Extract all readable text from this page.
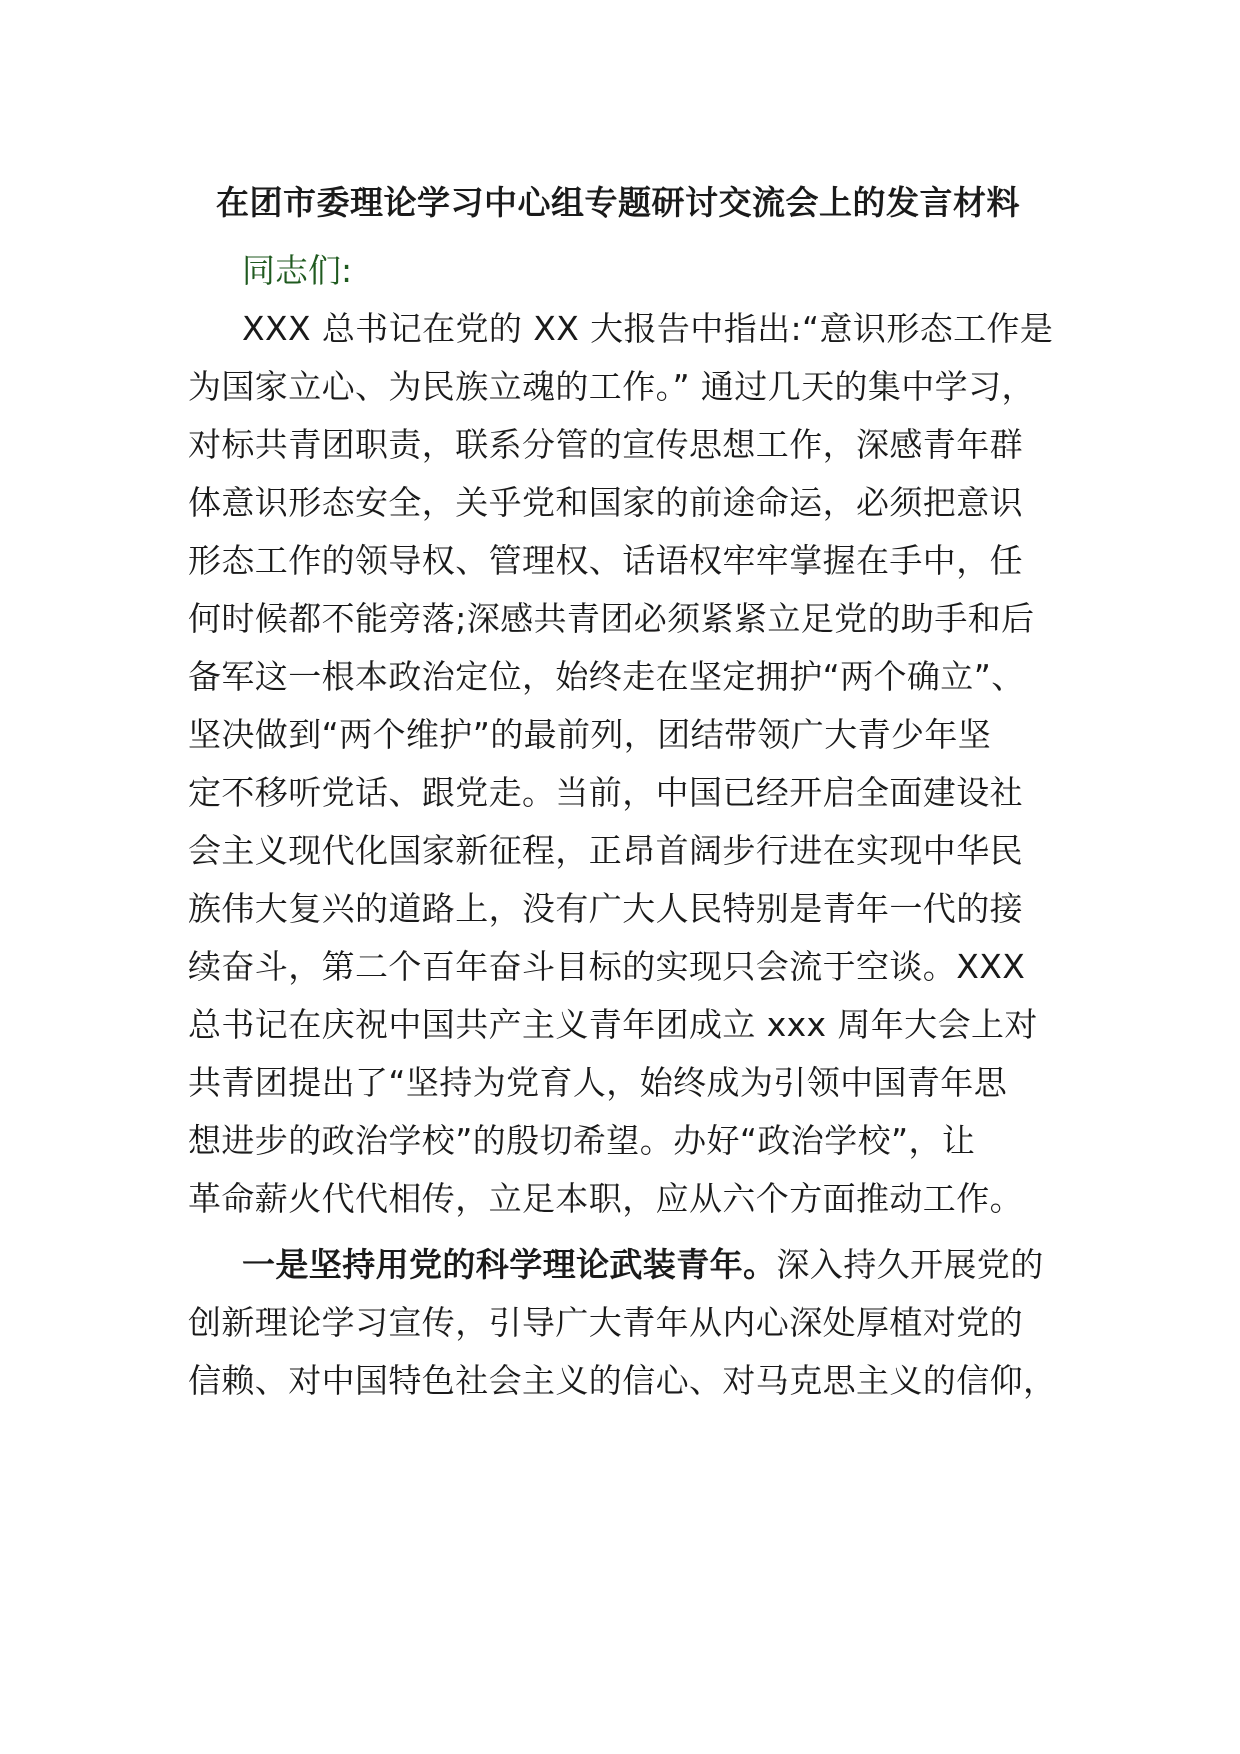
在团市委理论学习中心组专题研讨交流会上的发言材料
同志们:
XXX 总书记在党的 XX 大报告中指出:“意识形态工作是
为国家立心、为民族立魂的工作。” 通过几天的集中学习，
对标共青团职责，联系分管的宣传思想工作，深感青年群
体意识形态安全，关乎党和国家的前途命运，必须把意识
形态工作的领导权、管理权、话语权牢牢掌握在手中，任
何时候都不能旁落;深感共青团必须紧紧立足党的助手和后
备军这一根本政治定位，始终走在坚定拥护“两个确立”、
坚决做到“两个维护”的最前列，团结带领广大青少年坚
定不移听党话、跟党走。当前，中国已经开启全面建设社
会主义现代化国家新征程，正昂首阔步行进在实现中华民
族伟大复兴的道路上，没有广大人民特别是青年一代的接
续奋斗，第二个百年奋斗目标的实现只会流于空谈。XXX
总书记在庆祝中国共产主义青年团成立 xxx 周年大会上对
共青团提出了“坚持为党育人，始终成为引领中国青年思
想进步的政治学校”的殷切希望。办好“政治学校”，让
革命薪火代代相传，立足本职，应从六个方面推动工作。
一是坚持用党的科学理论武装青年。深入持久开展党的
创新理论学习宣传，引导广大青年从内心深处厚植对党的
信赖、对中国特色社会主义的信心、对马克思主义的信仰，
